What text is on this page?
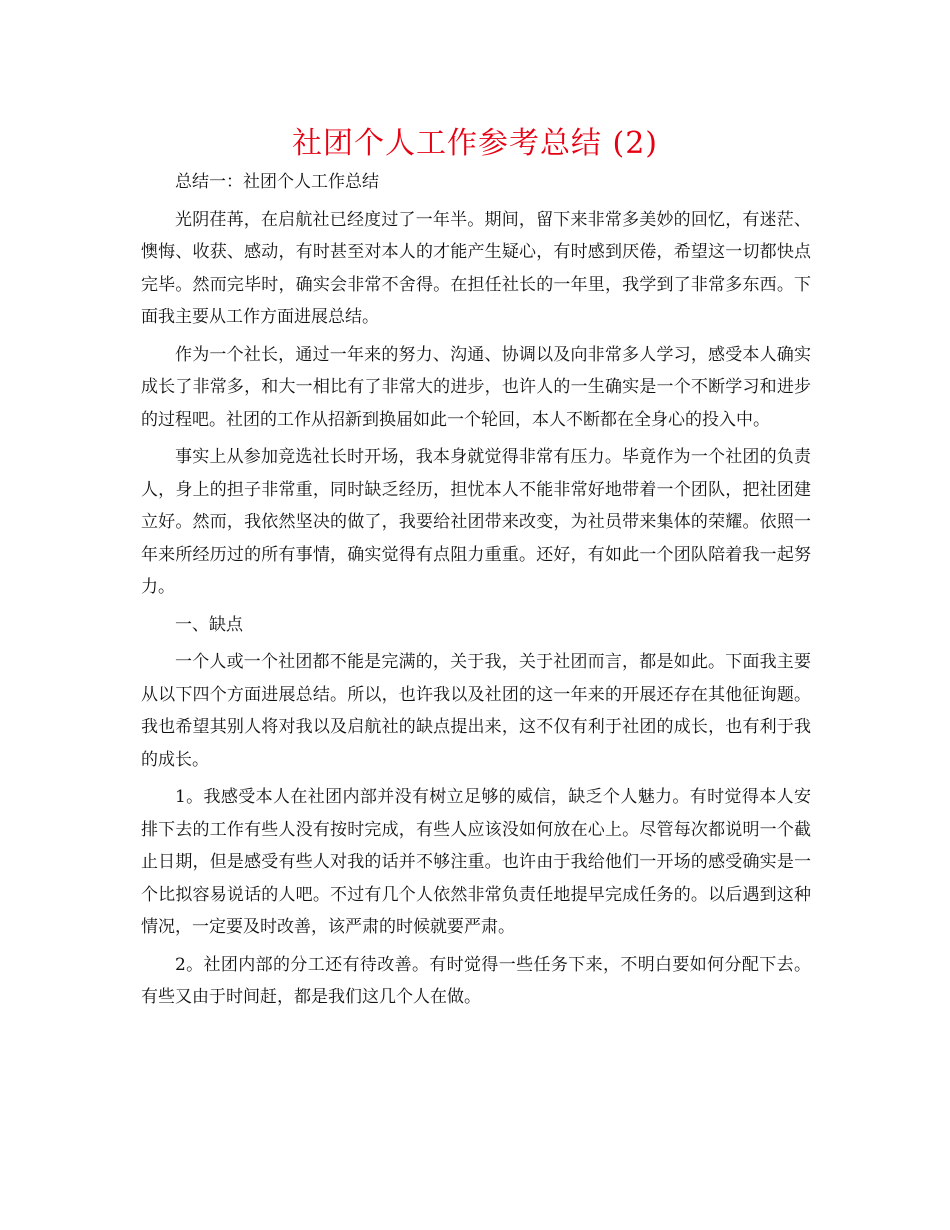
社团个人工作参考总结 (2)

总结一：社团个人工作总结

光阴荏苒，在启航社已经度过了一年半。期间，留下来非常多美妙的回忆，有迷茫、懊悔、收获、感动，有时甚至对本人的才能产生疑心，有时感到厌倦，希望这一切都快点完毕。然而完毕时，确实会非常不舍得。在担任社长的一年里，我学到了非常多东西。下面我主要从工作方面进展总结。

作为一个社长，通过一年来的努力、沟通、协调以及向非常多人学习，感受本人确实成长了非常多，和大一相比有了非常大的进步，也许人的一生确实是一个不断学习和进步的过程吧。社团的工作从招新到换届如此一个轮回，本人不断都在全身心的投入中。

事实上从参加竞选社长时开场，我本身就觉得非常有压力。毕竟作为一个社团的负责人，身上的担子非常重，同时缺乏经历，担忧本人不能非常好地带着一个团队，把社团建立好。然而，我依然坚决的做了，我要给社团带来改变，为社员带来集体的荣耀。依照一年来所经历过的所有事情，确实觉得有点阻力重重。还好，有如此一个团队陪着我一起努力。

一、缺点

一个人或一个社团都不能是完满的，关于我，关于社团而言，都是如此。下面我主要从以下四个方面进展总结。所以，也许我以及社团的这一年来的开展还存在其他征询题。我也希望其别人将对我以及启航社的缺点提出来，这不仅有利于社团的成长，也有利于我的成长。

1。我感受本人在社团内部并没有树立足够的威信，缺乏个人魅力。有时觉得本人安排下去的工作有些人没有按时完成，有些人应该没如何放在心上。尽管每次都说明一个截止日期，但是感受有些人对我的话并不够注重。也许由于我给他们一开场的感受确实是一个比拟容易说话的人吧。不过有几个人依然非常负责任地提早完成任务的。以后遇到这种情况，一定要及时改善，该严肃的时候就要严肃。

2。社团内部的分工还有待改善。有时觉得一些任务下来，不明白要如何分配下去。有些又由于时间赶，都是我们这几个人在做。
